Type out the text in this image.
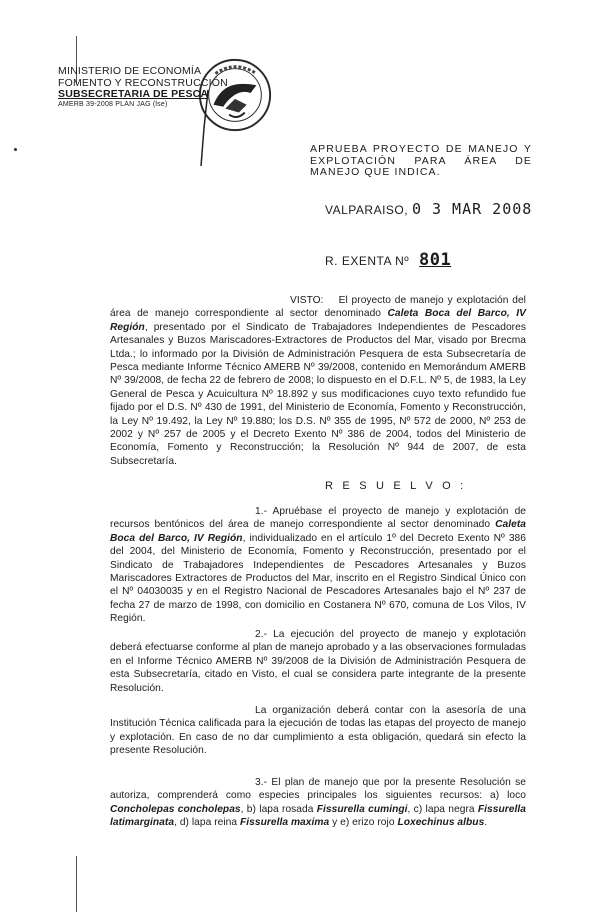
MINISTERIO DE ECONOMÍA
FOMENTO Y RECONSTRUCCIÓN
SUBSECRETARIA DE PESCA
AMERB 39-2008 PLAN JAG (lse)
APRUEBA PROYECTO DE MANEJO Y EXPLOTACIÓN PARA ÁREA DE MANEJO QUE INDICA.
VALPARAISO, 0 3 MAR 2008
R. EXENTA Nº 801
VISTO: El proyecto de manejo y explotación del área de manejo correspondiente al sector denominado Caleta Boca del Barco, IV Región, presentado por el Sindicato de Trabajadores Independientes de Pescadores Artesanales y Buzos Mariscadores-Extractores de Productos del Mar, visado por Brecma Ltda.; lo informado por la División de Administración Pesquera de esta Subsecretaría de Pesca mediante Informe Técnico AMERB Nº 39/2008, contenido en Memorándum AMERB Nº 39/2008, de fecha 22 de febrero de 2008; lo dispuesto en el D.F.L. Nº 5, de 1983, la Ley General de Pesca y Acuicultura Nº 18.892 y sus modificaciones cuyo texto refundido fue fijado por el D.S. Nº 430 de 1991, del Ministerio de Economía, Fomento y Reconstrucción, la Ley Nº 19.492, la Ley Nº 19.880; los D.S. Nº 355 de 1995, Nº 572 de 2000, Nº 253 de 2002 y Nº 257 de 2005 y el Decreto Exento Nº 386 de 2004, todos del Ministerio de Economía, Fomento y Reconstrucción; la Resolución Nº 944 de 2007, de esta Subsecretaría.
R E S U E L V O :
1.- Apruébase el proyecto de manejo y explotación de recursos bentónicos del área de manejo correspondiente al sector denominado Caleta Boca del Barco, IV Región, individualizado en el artículo 1º del Decreto Exento Nº 386 del 2004, del Ministerio de Economía, Fomento y Reconstrucción, presentado por el Sindicato de Trabajadores Independientes de Pescadores Artesanales y Buzos Mariscadores Extractores de Productos del Mar, inscrito en el Registro Sindical Único con el Nº 04030035 y en el Registro Nacional de Pescadores Artesanales bajo el Nº 237 de fecha 27 de marzo de 1998, con domicilio en Costanera Nº 670, comuna de Los Vilos, IV Región.
2.- La ejecución del proyecto de manejo y explotación deberá efectuarse conforme al plan de manejo aprobado y a las observaciones formuladas en el Informe Técnico AMERB Nº 39/2008 de la División de Administración Pesquera de esta Subsecretaría, citado en Visto, el cual se considera parte integrante de la presente Resolución.
La organización deberá contar con la asesoría de una Institución Técnica calificada para la ejecución de todas las etapas del proyecto de manejo y explotación. En caso de no dar cumplimiento a esta obligación, quedará sin efecto la presente Resolución.
3.- El plan de manejo que por la presente Resolución se autoriza, comprenderá como especies principales los siguientes recursos: a) loco Concholepas concholepas, b) lapa rosada Fissurella cumingi, c) lapa negra Fissurella latimarginata, d) lapa reina Fissurella maxima y e) erizo rojo Loxechinus albus.
